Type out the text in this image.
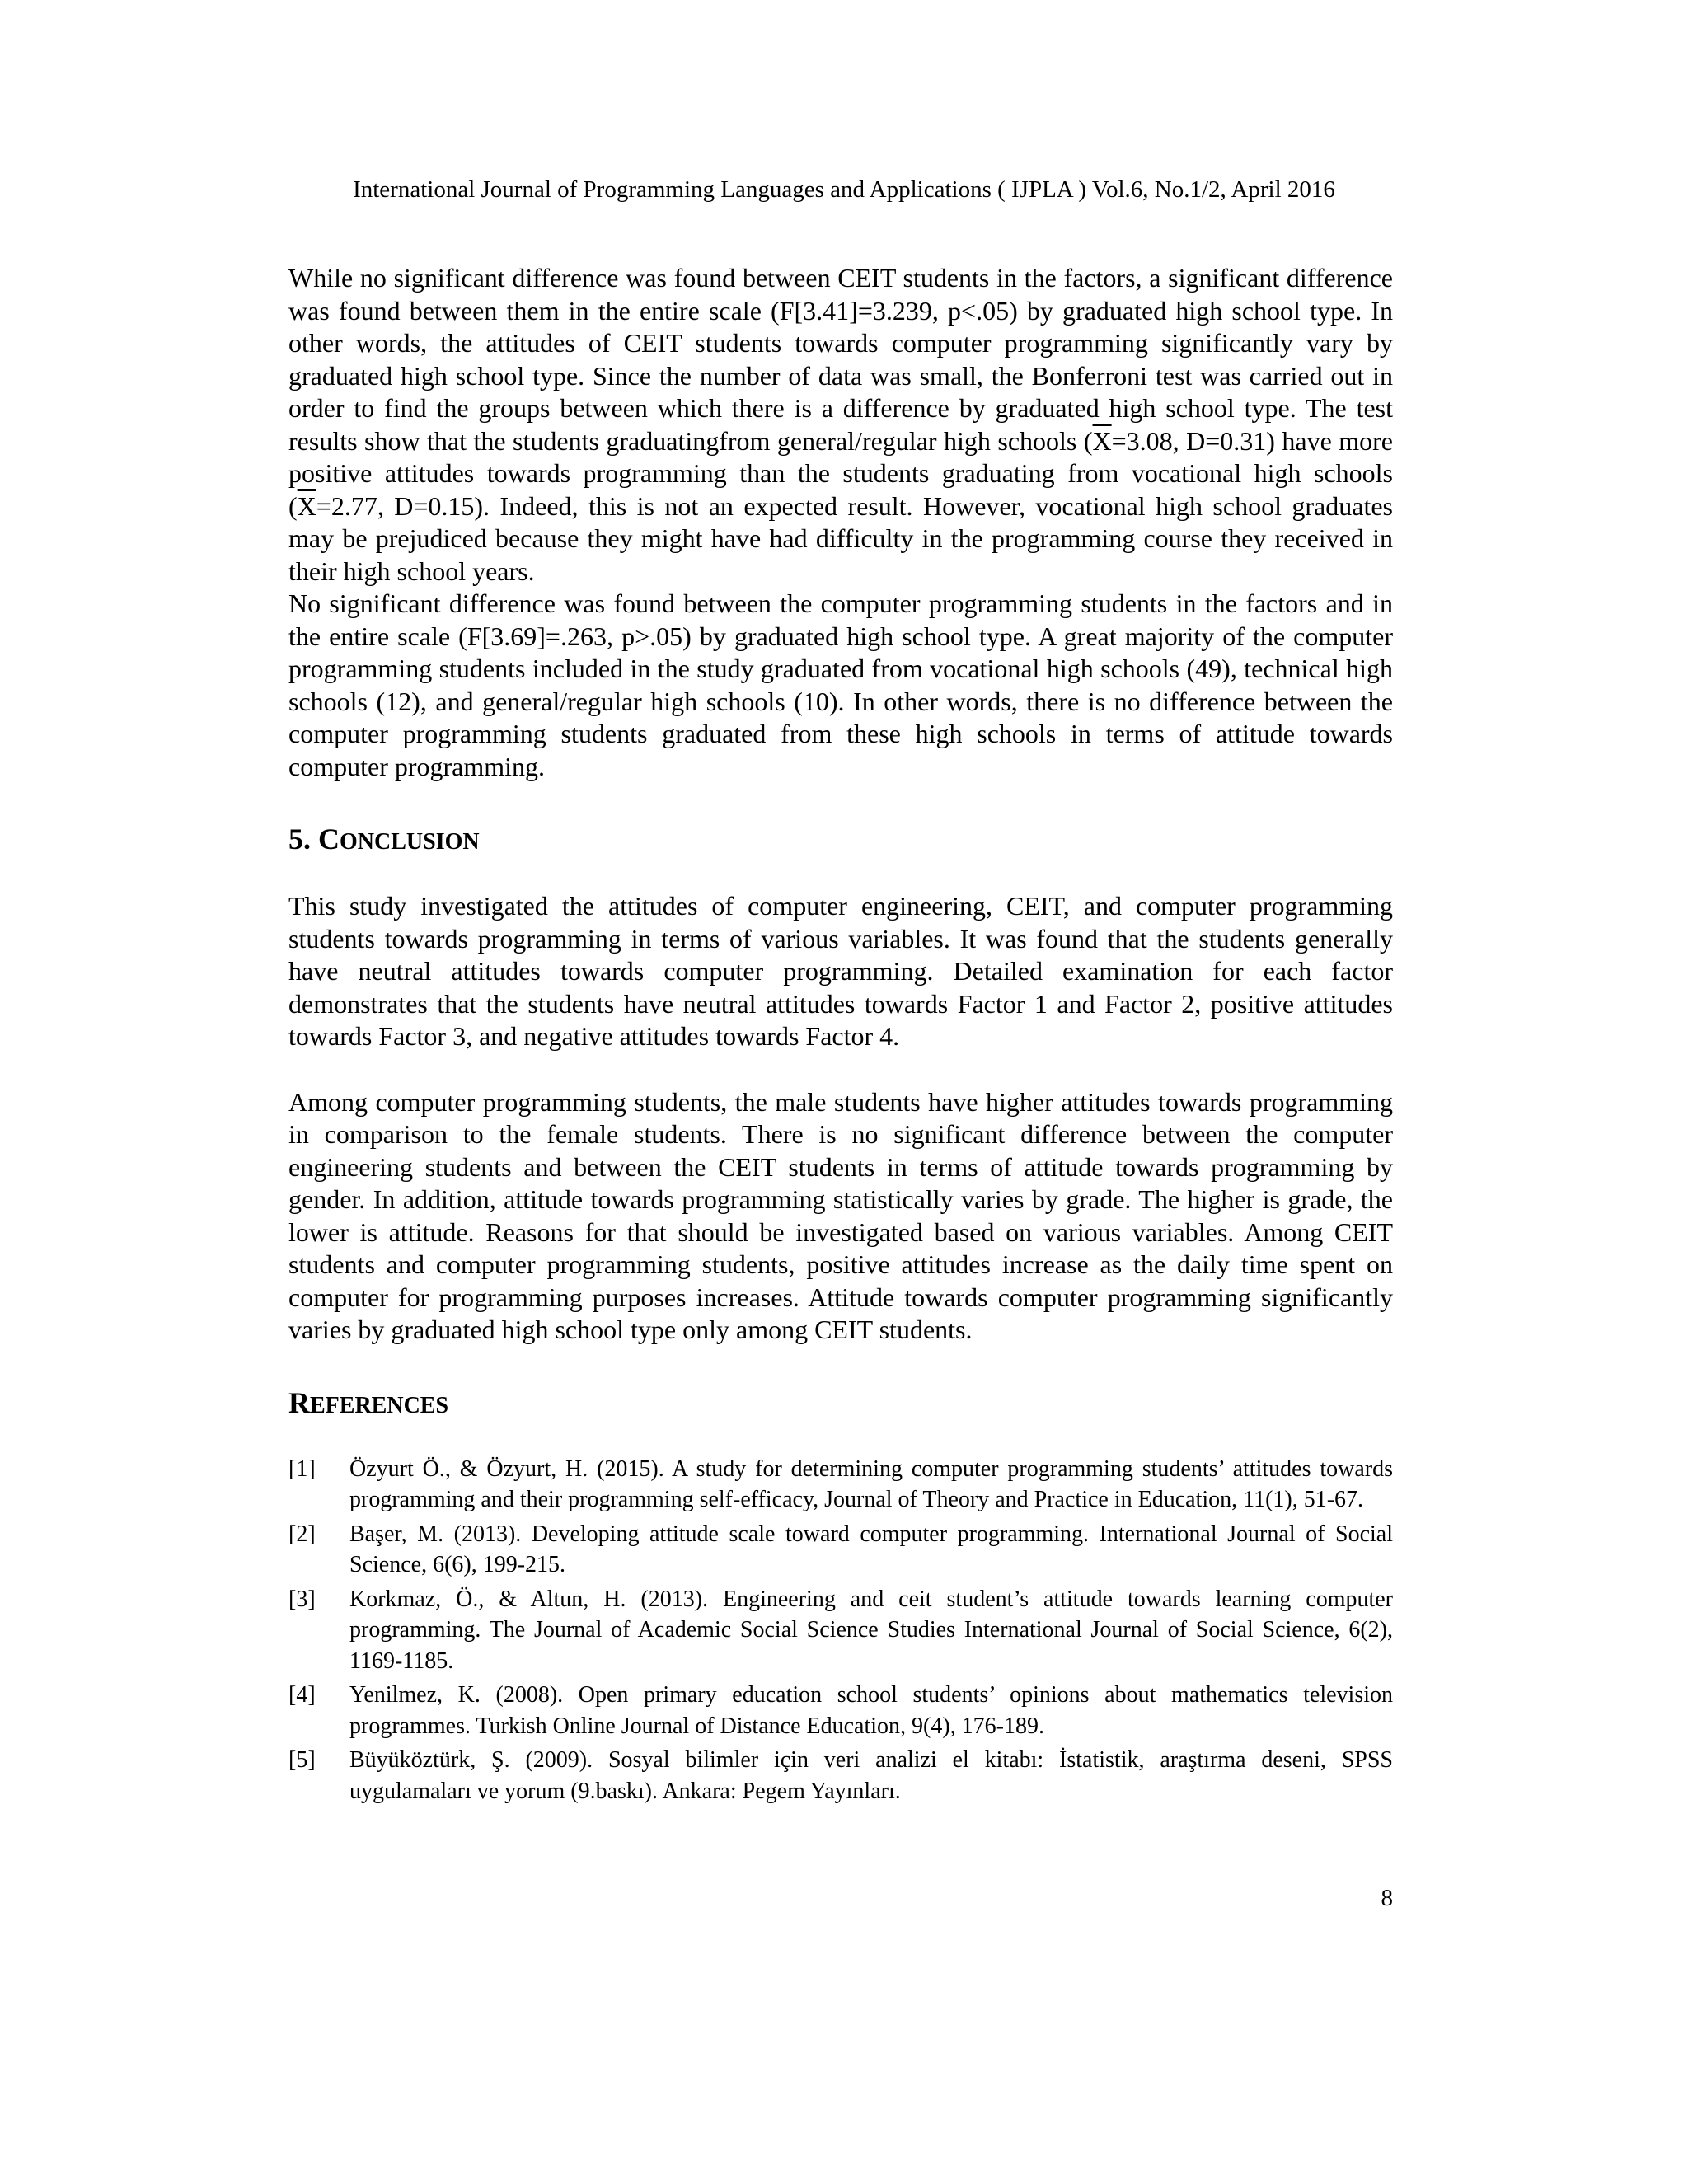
International Journal of Programming Languages and Applications ( IJPLA ) Vol.6, No.1/2, April 2016

While no significant difference was found between CEIT students in the factors, a significant difference was found between them in the entire scale (F[3.41]=3.239, p<.05) by graduated high school type. In other words, the attitudes of CEIT students towards computer programming significantly vary by graduated high school type. Since the number of data was small, the Bonferroni test was carried out in order to find the groups between which there is a difference by graduated high school type. The test results show that the students graduatingfrom general/regular high schools ($\overline{X}=3.08$, D=0.31) have more positive attitudes towards programming than the students graduating from vocational high schools ($\overline{X}=2.77$, D=0.15). Indeed, this is not an expected result. However, vocational high school graduates may be prejudiced because they might have had difficulty in the programming course they received in their high school years.

No significant difference was found between the computer programming students in the factors and in the entire scale (F[3.69]=.263, p>.05) by graduated high school type. A great majority of the computer programming students included in the study graduated from vocational high schools (49), technical high schools (12), and general/regular high schools (10). In other words, there is no difference between the computer programming students graduated from these high schools in terms of attitude towards computer programming.

5. CONCLUSION

This study investigated the attitudes of computer engineering, CEIT, and computer programming students towards programming in terms of various variables. It was found that the students generally have neutral attitudes towards computer programming. Detailed examination for each factor demonstrates that the students have neutral attitudes towards Factor 1 and Factor 2, positive attitudes towards Factor 3, and negative attitudes towards Factor 4.

Among computer programming students, the male students have higher attitudes towards programming in comparison to the female students. There is no significant difference between the computer engineering students and between the CEIT students in terms of attitude towards programming by gender. In addition, attitude towards programming statistically varies by grade. The higher is grade, the lower is attitude. Reasons for that should be investigated based on various variables. Among CEIT students and computer programming students, positive attitudes increase as the daily time spent on computer for programming purposes increases. Attitude towards computer programming significantly varies by graduated high school type only among CEIT students.

REFERENCES
[1]	Özyurt Ö., & Özyurt, H. (2015). A study for determining computer programming students’ attitudes towards programming and their programming self-efficacy, Journal of Theory and Practice in Education, 11(1), 51-67.
[2]	Başer, M. (2013). Developing attitude scale toward computer programming. International Journal of Social Science, 6(6), 199-215.
[3]	Korkmaz, Ö., & Altun, H. (2013). Engineering and ceit student’s attitude towards learning computer programming. The Journal of Academic Social Science Studies International Journal of Social Science, 6(2), 1169-1185.
[4]	Yenilmez, K. (2008). Open primary education school students’ opinions about mathematics television programmes. Turkish Online Journal of Distance Education, 9(4), 176-189.
[5]	Büyüköztürk, Ş. (2009). Sosyal bilimler için veri analizi el kitabı: İstatistik, araştırma deseni, SPSS uygulamaları ve yorum (9.baskı). Ankara: Pegem Yayınları.
8
